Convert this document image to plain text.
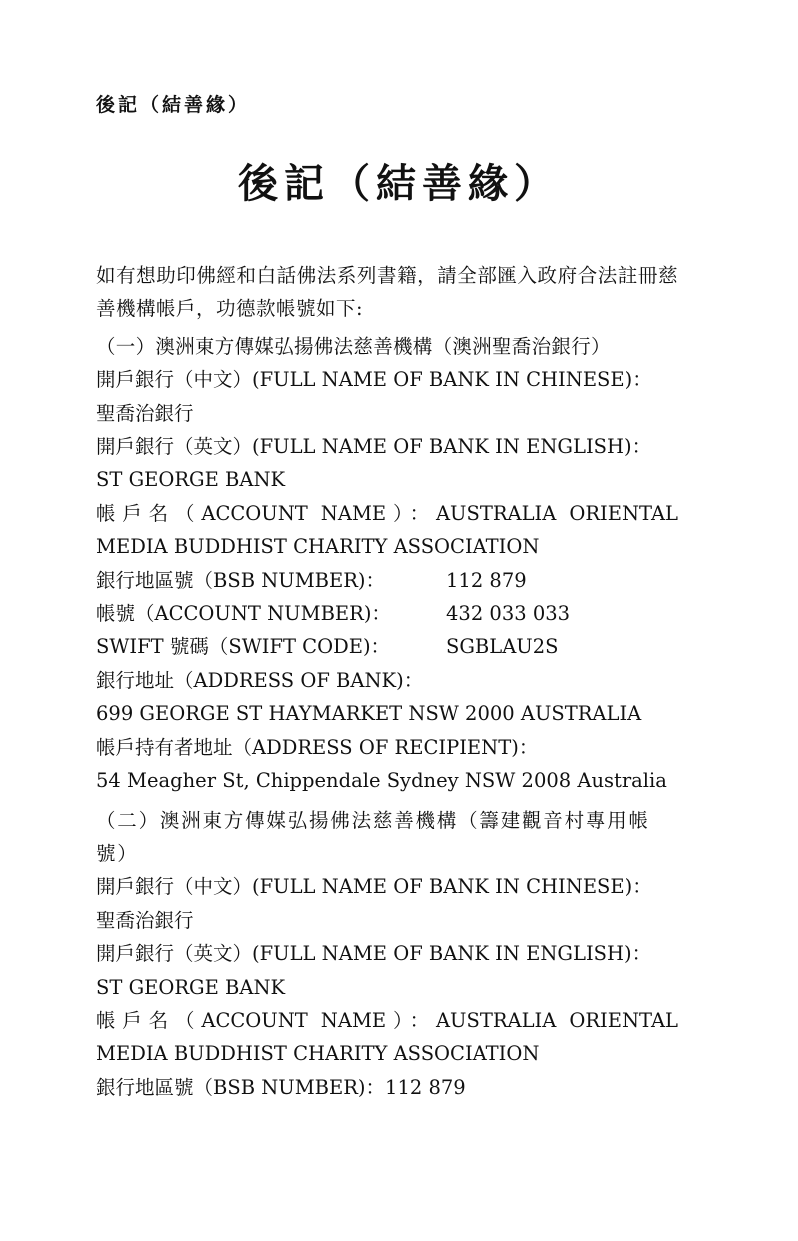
後記（結善緣）
後記（結善緣）

如有想助印佛經和白話佛法系列書籍，請全部匯入政府合法註冊慈善機構帳戶，功德款帳號如下:

（一）澳洲東方傳媒弘揚佛法慈善機構（澳洲聖喬治銀行）
開戶銀行（中文）(FULL NAME OF BANK IN CHINESE)：
聖喬治銀行
開戶銀行（英文）(FULL NAME OF BANK IN ENGLISH)：
ST GEORGE BANK
帳戶名（ACCOUNT NAME）：AUSTRALIA ORIENTAL MEDIA BUDDHIST CHARITY ASSOCIATION
銀行地區號（BSB NUMBER)：	112 879
帳號（ACCOUNT NUMBER)：	432 033 033
SWIFT 號碼（SWIFT CODE)：	SGBLAU2S
銀行地址（ADDRESS OF BANK)：
699 GEORGE ST HAYMARKET NSW 2000 AUSTRALIA
帳戶持有者地址（ADDRESS OF RECIPIENT)：
54 Meagher St, Chippendale Sydney NSW 2008 Australia
（二）澳洲東方傳媒弘揚佛法慈善機構（籌建觀音村專用帳號）
開戶銀行（中文）(FULL NAME OF BANK IN CHINESE)：
聖喬治銀行
開戶銀行（英文）(FULL NAME OF BANK IN ENGLISH)：
ST GEORGE BANK
帳戶名（ACCOUNT NAME）：AUSTRALIA ORIENTAL MEDIA BUDDHIST CHARITY ASSOCIATION
銀行地區號（BSB NUMBER)：112 879
